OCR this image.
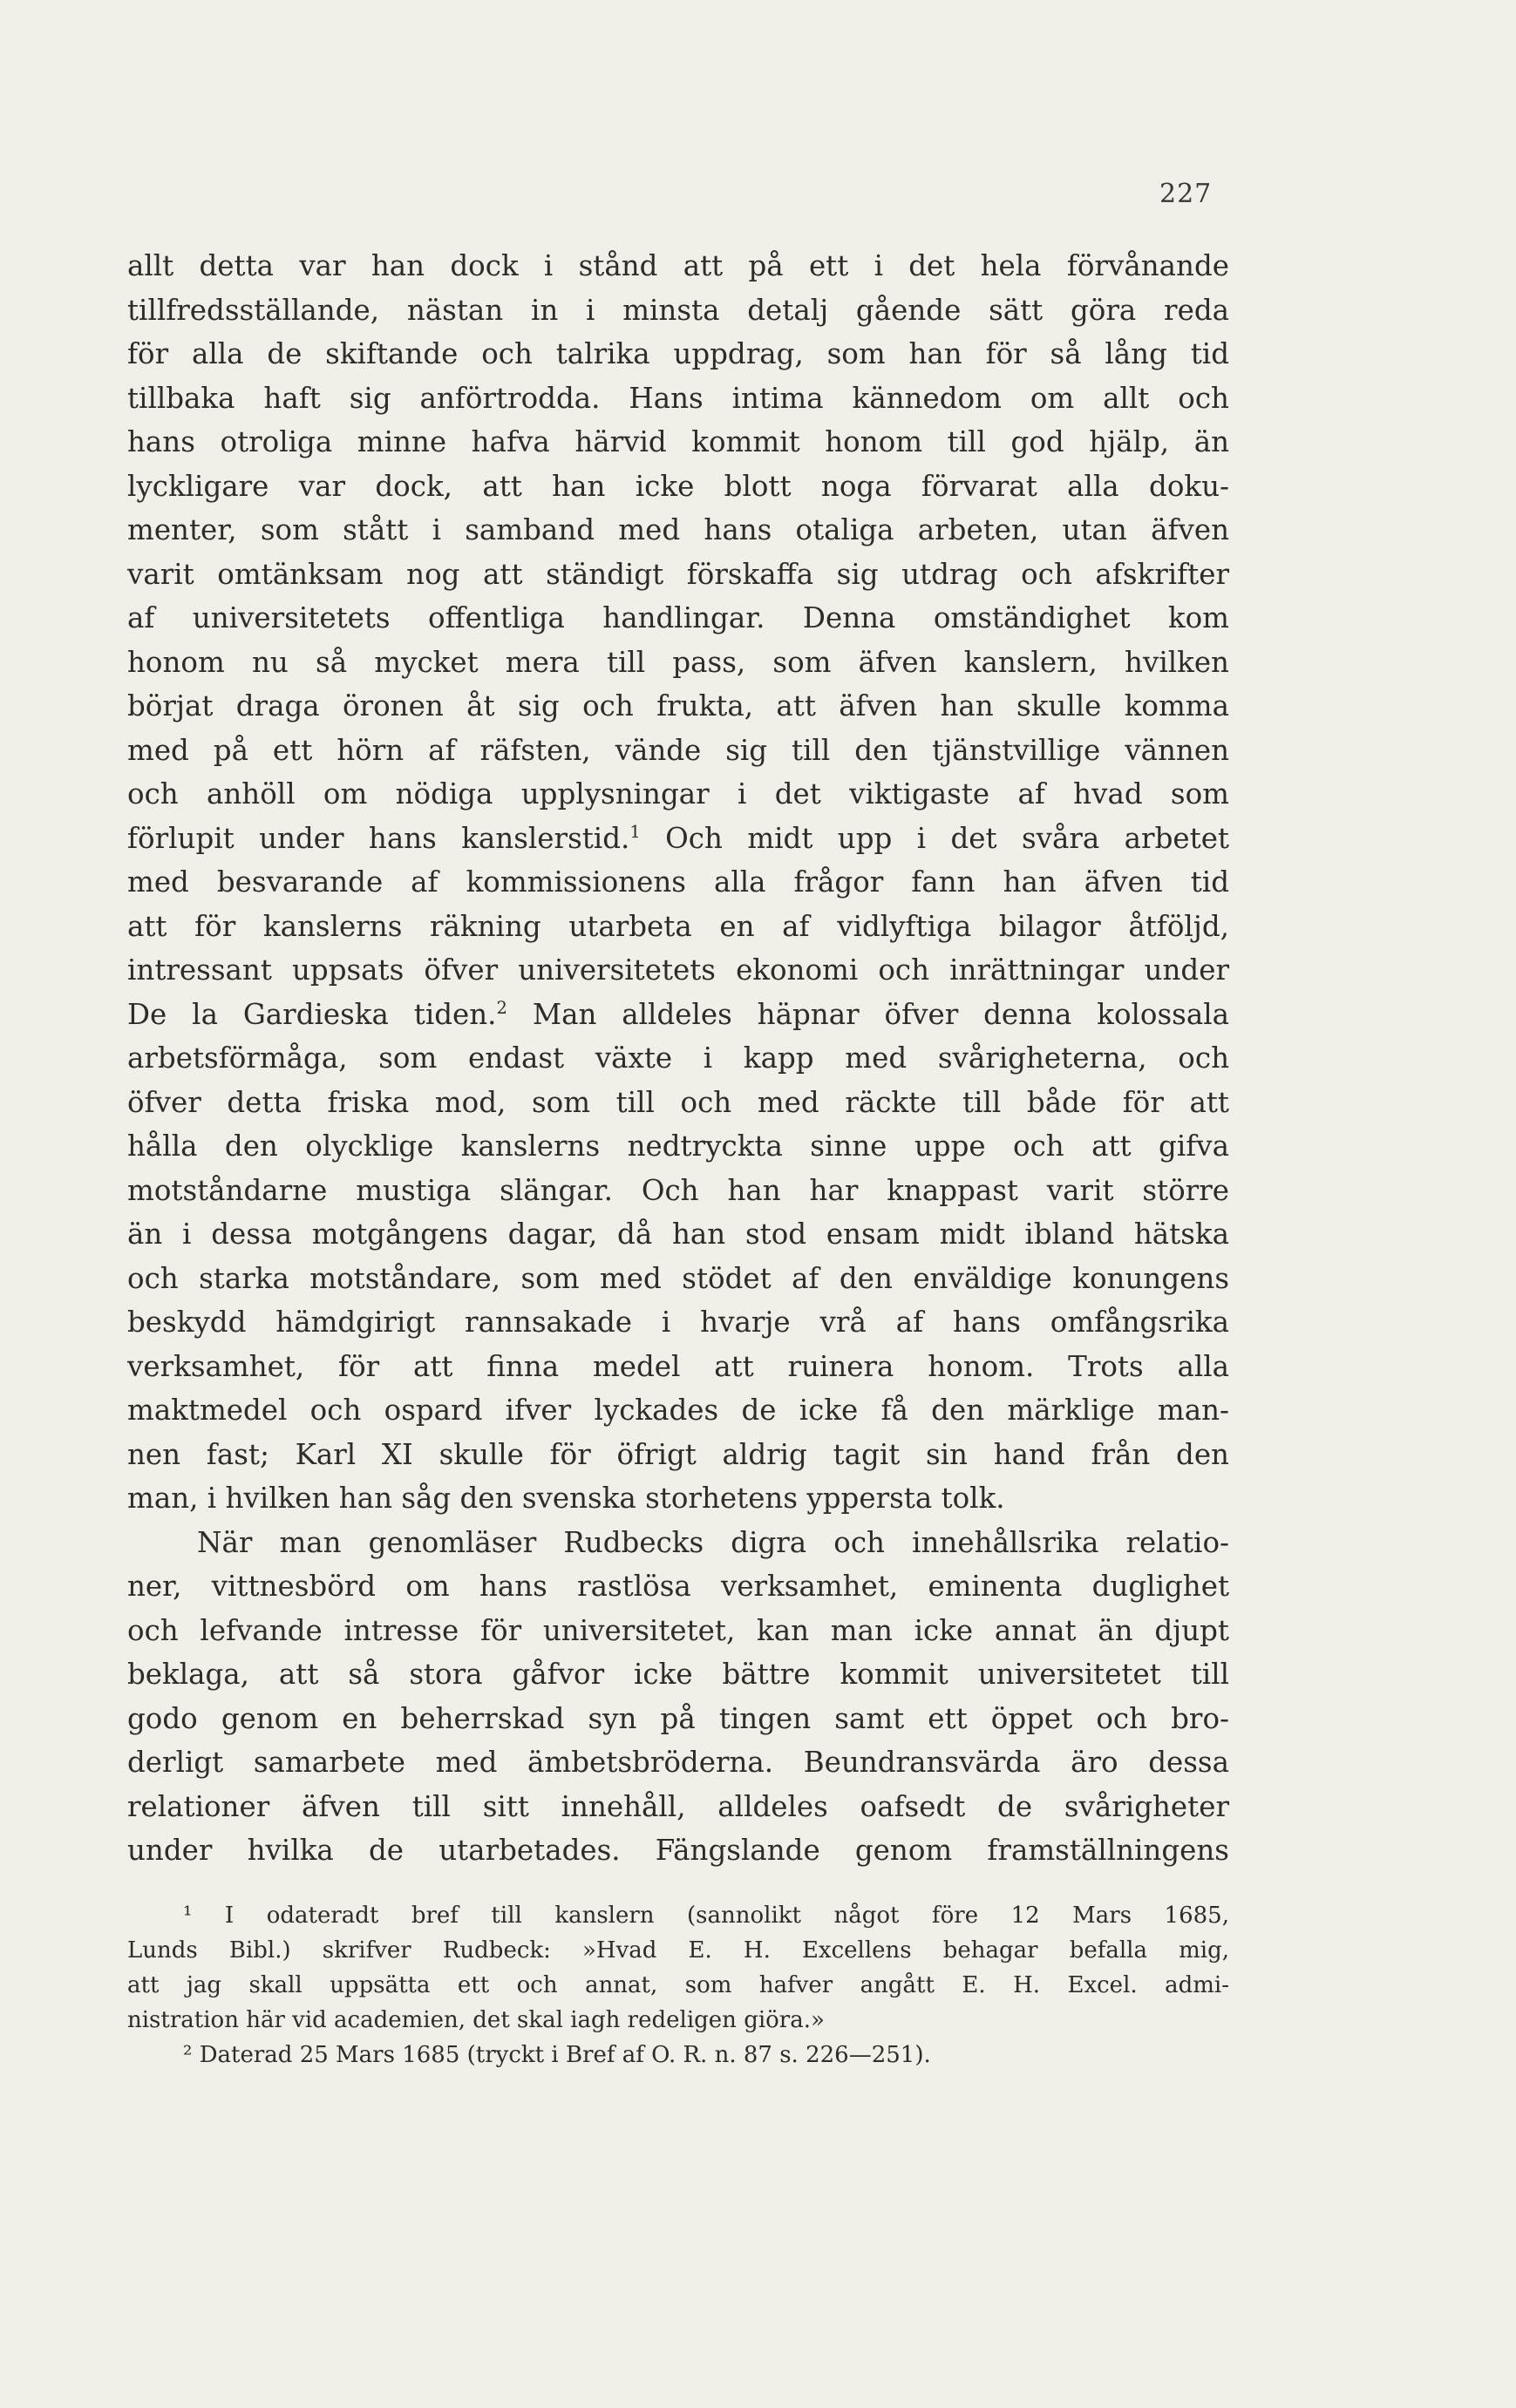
227
allt detta var han dock i stånd att på ett i det hela förvånande
tillfredsställande, nästan in i minsta detalj gående sätt göra reda
för alla de skiftande och talrika uppdrag, som han för så lång tid
tillbaka haft sig anförtrodda. Hans intima kännedom om allt och
hans otroliga minne hafva härvid kommit honom till god hjälp, än
lyckligare var dock, att han icke blott noga förvarat alla doku-
menter, som stått i samband med hans otaliga arbeten, utan äfven
varit omtänksam nog att ständigt förskaffa sig utdrag och afskrifter
af universitetets offentliga handlingar. Denna omständighet kom
honom nu så mycket mera till pass, som äfven kanslern, hvilken
börjat draga öronen åt sig och frukta, att äfven han skulle komma
med på ett hörn af räfsten, vände sig till den tjänstvillige vännen
och anhöll om nödiga upplysningar i det viktigaste af hvad som
förlupit under hans kanslerstid.$^1$ Och midt upp i det svåra arbetet
med besvarande af kommissionens alla frågor fann han äfven tid
att för kanslerns räkning utarbeta en af vidlyftiga bilagor åtföljd,
intressant uppsats öfver universitetets ekonomi och inrättningar under
De la Gardieska tiden.$^2$ Man alldeles häpnar öfver denna kolossala
arbetsförmåga, som endast växte i kapp med svårigheterna, och
öfver detta friska mod, som till och med räckte till både för att
hålla den olycklige kanslerns nedtryckta sinne uppe och att gifva
motståndarne mustiga slängar. Och han har knappast varit större
än i dessa motgångens dagar, då han stod ensam midt ibland hätska
och starka motståndare, som med stödet af den enväldige konungens
beskydd hämdgirigt rannsakade i hvarje vrå af hans omfångsrika
verksamhet, för att finna medel att ruinera honom. Trots alla
maktmedel och ospard ifver lyckades de icke få den märklige man-
nen fast; Karl XI skulle för öfrigt aldrig tagit sin hand från den
man, i hvilken han såg den svenska storhetens yppersta tolk.
När man genomläser Rudbecks digra och innehållsrika relatio-
ner, vittnesbörd om hans rastlösa verksamhet, eminenta duglighet
och lefvande intresse för universitetet, kan man icke annat än djupt
beklaga, att så stora gåfvor icke bättre kommit universitetet till
godo genom en beherrskad syn på tingen samt ett öppet och bro-
derligt samarbete med ämbetsbröderna. Beundransvärda äro dessa
relationer äfven till sitt innehåll, alldeles oafsedt de svårigheter
under hvilka de utarbetades. Fängslande genom framställningens
¹ I odateradt bref till kanslern (sannolikt något före 12 Mars 1685,
Lunds Bibl.) skrifver Rudbeck: »Hvad E. H. Excellens behagar befalla mig,
att jag skall uppsätta ett och annat, som hafver angått E. H. Excel. admi-
nistration här vid academien, det skal iagh redeligen giöra.»
² Daterad 25 Mars 1685 (tryckt i Bref af O. R. n. 87 s. 226—251).
